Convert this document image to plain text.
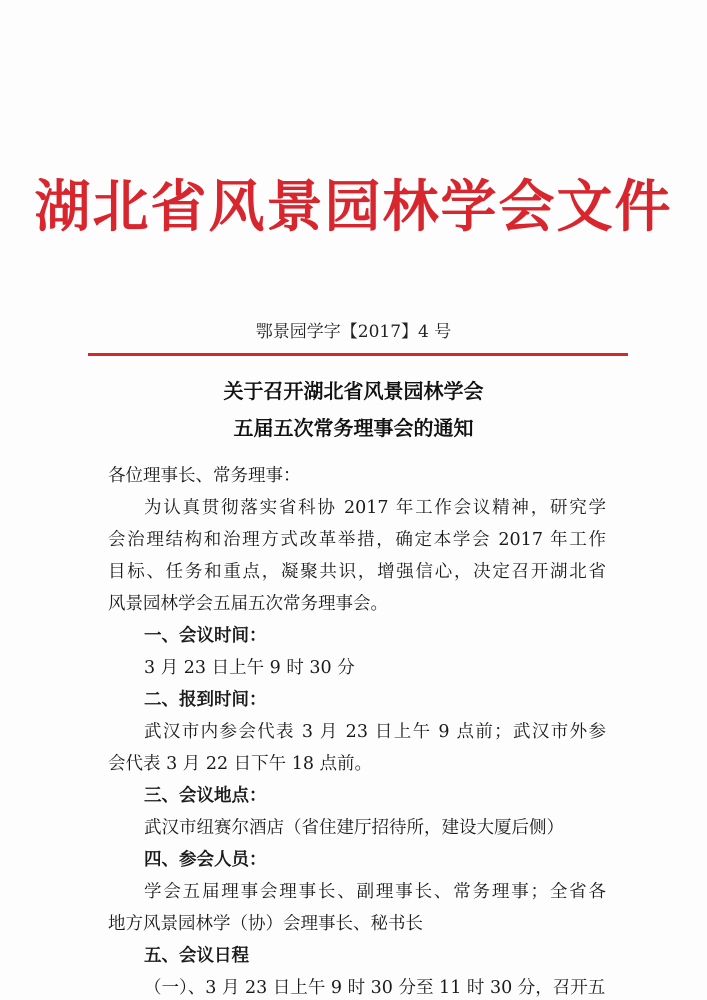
湖北省风景园林学会文件
鄂景园学字【2017】4 号
关于召开湖北省风景园林学会
五届五次常务理事会的通知
各位理事长、常务理事：
为认真贯彻落实省科协 2017 年工作会议精神，研究学
会治理结构和治理方式改革举措，确定本学会 2017 年工作
目标、任务和重点，凝聚共识，增强信心，决定召开湖北省
风景园林学会五届五次常务理事会。
一、会议时间：
3 月 23 日上午 9 时 30 分
二、报到时间：
武汉市内参会代表 3 月 23 日上午 9 点前；武汉市外参
会代表 3 月 22 日下午 18 点前。
三、会议地点：
武汉市纽赛尔酒店（省住建厅招待所，建设大厦后侧）
四、参会人员：
学会五届理事会理事长、副理事长、常务理事；全省各
地方风景园林学（协）会理事长、秘书长
五、会议日程
（一）、3 月 23 日上午 9 时 30 分至 11 时 30 分，召开五
